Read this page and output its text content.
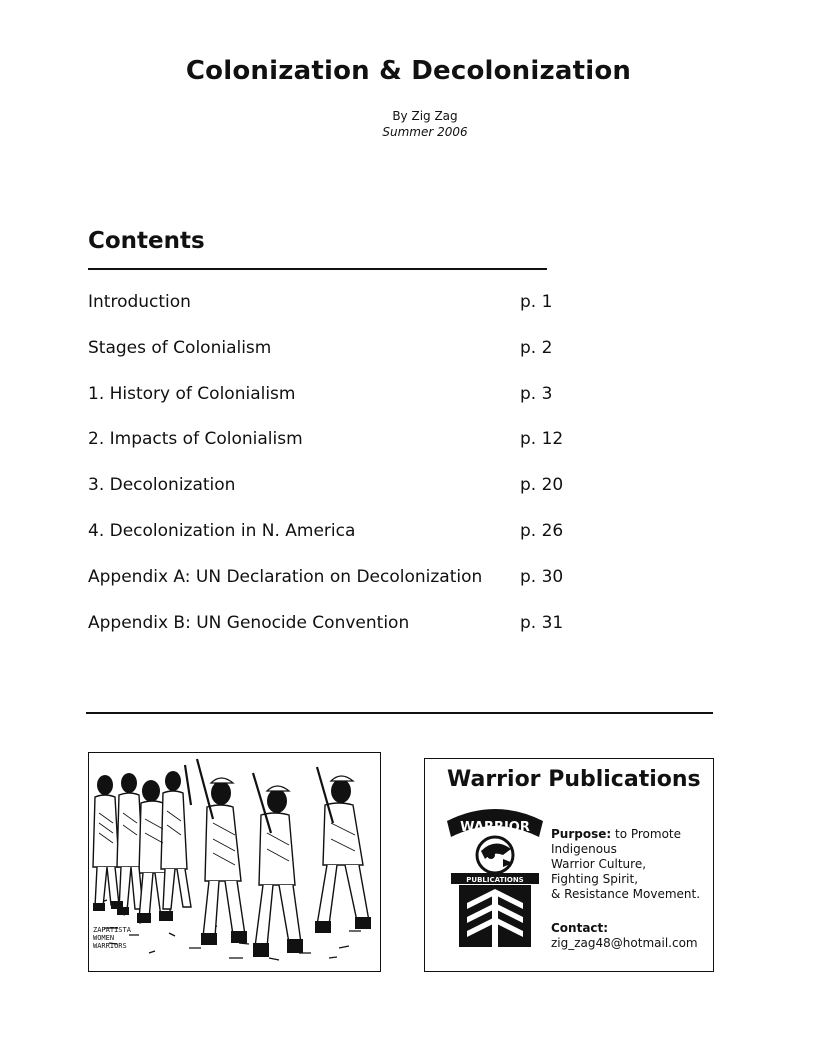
Colonization & Decolonization
By Zig Zag
Summer 2006
Contents
Introduction	p. 1
Stages of Colonialism	p. 2
1. History of Colonialism	p. 3
2. Impacts of Colonialism	p. 12
3. Decolonization	p. 20
4. Decolonization in N. America	p. 26
Appendix A: UN Declaration on Decolonization p. 30
Appendix B: UN Genocide Convention	p. 31
ZAPATISTA
WOMEN
WARRIORS
Warrior Publications
WARRIOR
PUBLICATIONS
Purpose: to Promote
Indigenous
Warrior Culture,
Fighting Spirit,
& Resistance Movement.
Contact:
zig_zag48@hotmail.com
